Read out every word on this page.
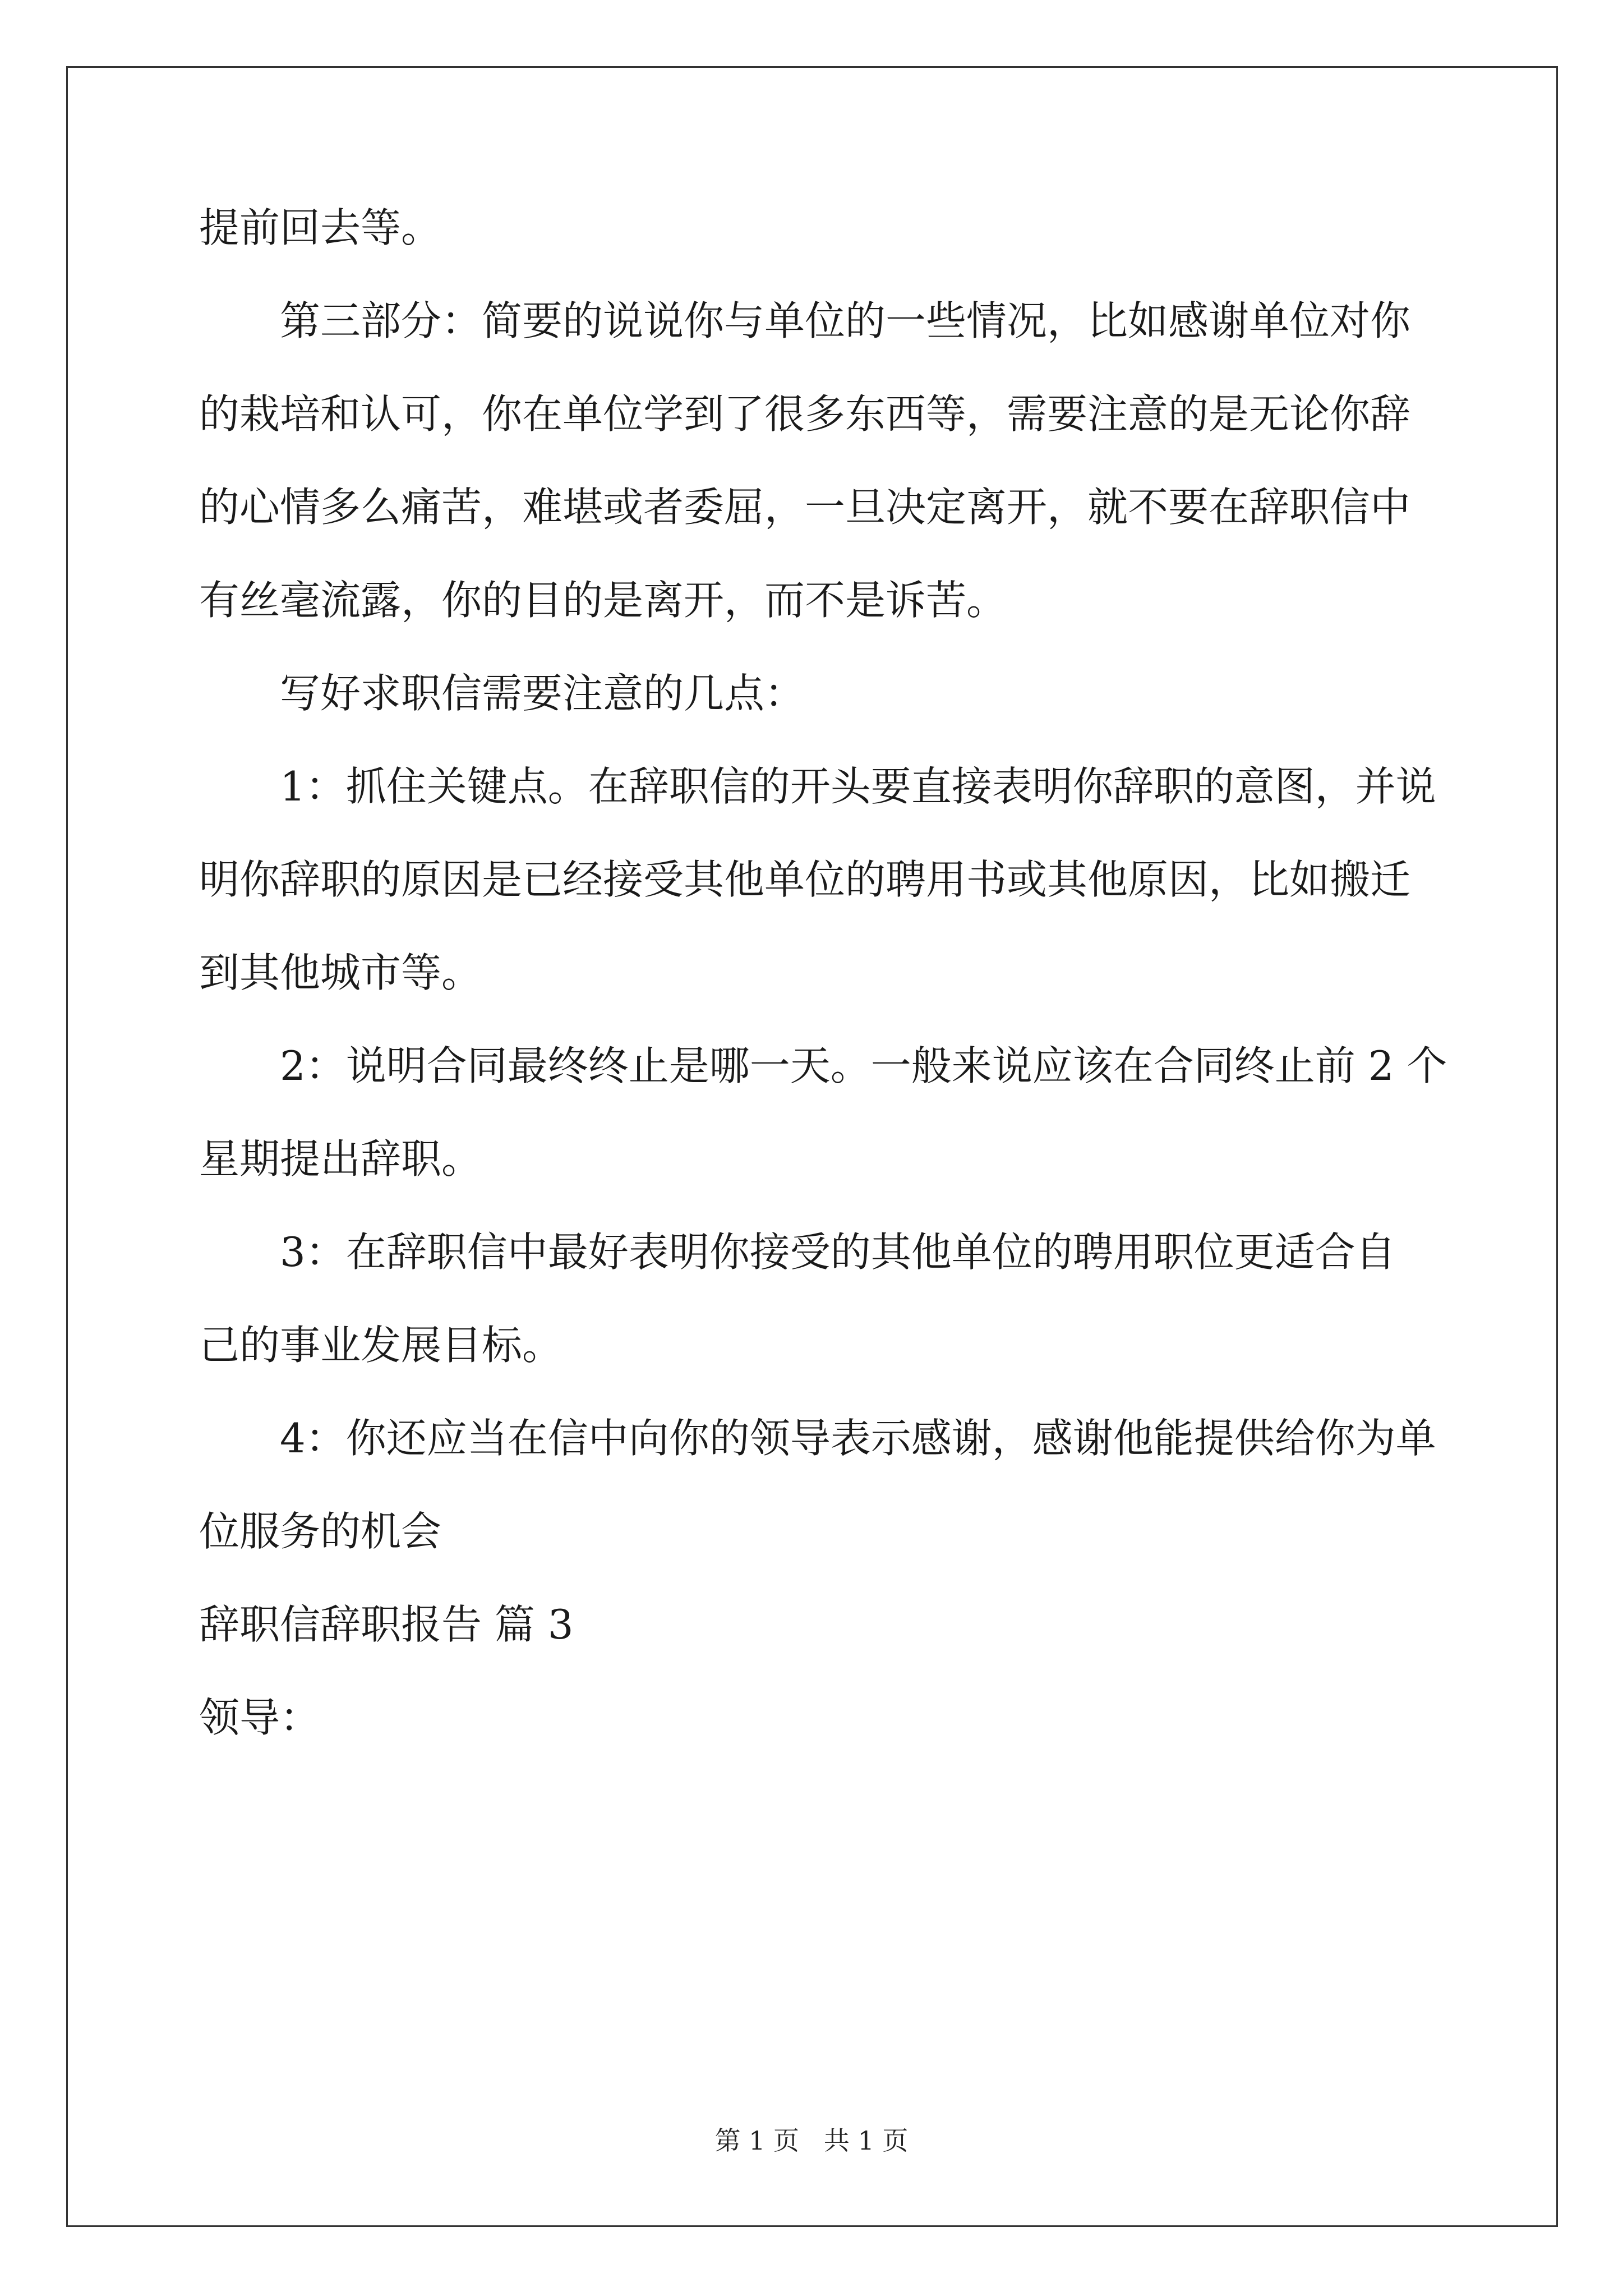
提前回去等。

第三部分：简要的说说你与单位的一些情况，比如感谢单位对你

的栽培和认可，你在单位学到了很多东西等，需要注意的是无论你辞

的心情多么痛苦，难堪或者委屈，一旦决定离开，就不要在辞职信中

有丝毫流露，你的目的是离开，而不是诉苦。

写好求职信需要注意的几点：

1：抓住关键点。在辞职信的开头要直接表明你辞职的意图，并说

明你辞职的原因是已经接受其他单位的聘用书或其他原因，比如搬迁

到其他城市等。

2：说明合同最终终止是哪一天。一般来说应该在合同终止前 2 个

星期提出辞职。

3：在辞职信中最好表明你接受的其他单位的聘用职位更适合自

己的事业发展目标。

4：你还应当在信中向你的领导表示感谢，感谢他能提供给你为单

位服务的机会

辞职信辞职报告 篇 3

领导：

第 1 页   共 1 页
